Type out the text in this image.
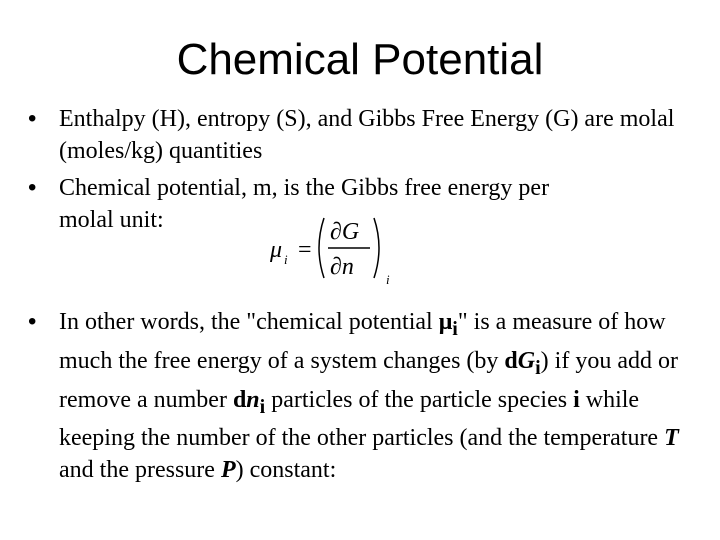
Chemical Potential
• Enthalpy (H), entropy (S), and Gibbs Free Energy (G) are molal (moles/kg) quantities
• Chemical potential, m, is the Gibbs free energy per
molal unit:
• In other words, the "chemical potential $\mu_i$" is a measure of how much the free energy of a system changes (by $dG_i$) if you add or remove a number $dn_i$ particles of the particle species i while keeping the number of the other particles (and the temperature T and the pressure P) constant:
μ i =
∂G
∂n i
